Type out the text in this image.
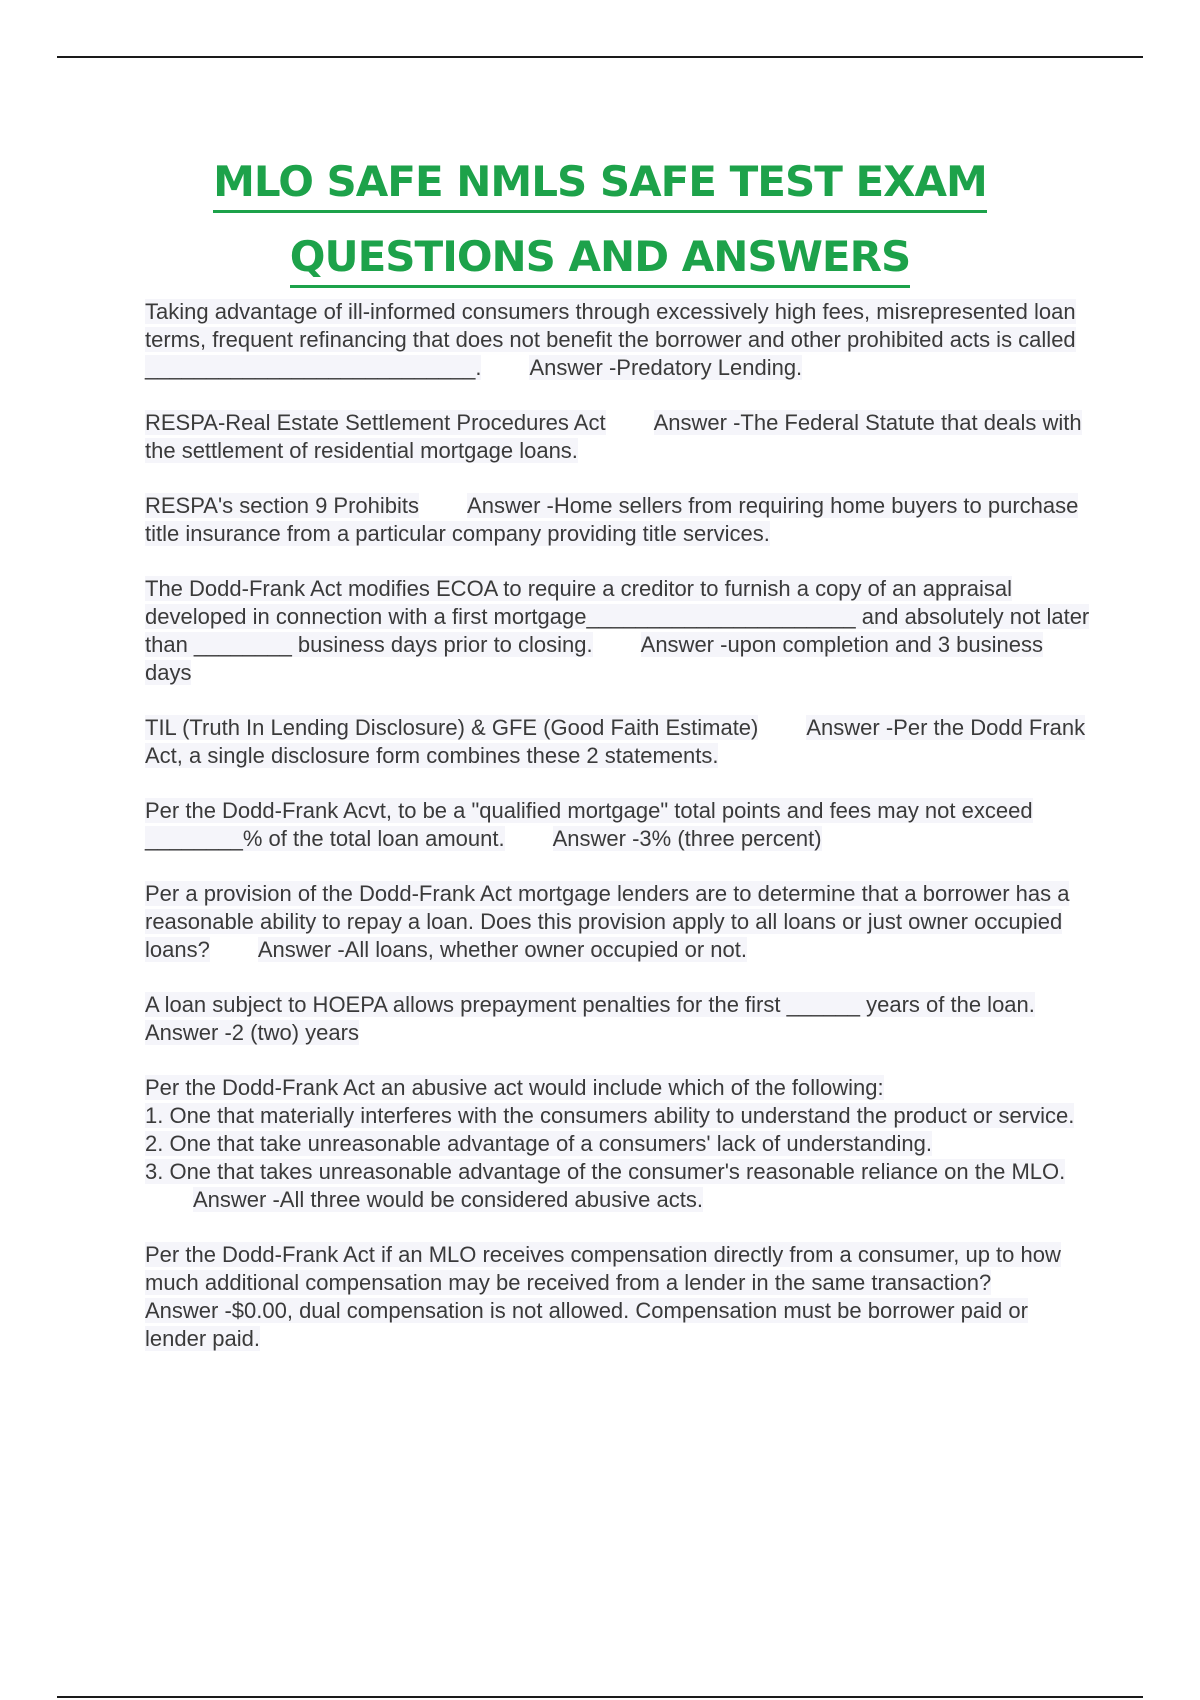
MLO SAFE NMLS SAFE TEST EXAM
QUESTIONS AND ANSWERS

Taking advantage of ill-informed consumers through excessively high fees, misrepresented loan terms, frequent refinancing that does not benefit the borrower and other prohibited acts is called ___________________________. Answer -Predatory Lending.

RESPA-Real Estate Settlement Procedures Act Answer -The Federal Statute that deals with the settlement of residential mortgage loans.

RESPA's section 9 Prohibits Answer -Home sellers from requiring home buyers to purchase title insurance from a particular company providing title services.

The Dodd-Frank Act modifies ECOA to require a creditor to furnish a copy of an appraisal developed in connection with a first mortgage______________________ and absolutely not later than ________ business days prior to closing. Answer -upon completion and 3 business days

TIL (Truth In Lending Disclosure) & GFE (Good Faith Estimate) Answer -Per the Dodd Frank Act, a single disclosure form combines these 2 statements.

Per the Dodd-Frank Acvt, to be a "qualified mortgage" total points and fees may not exceed ________% of the total loan amount. Answer -3% (three percent)

Per a provision of the Dodd-Frank Act mortgage lenders are to determine that a borrower has a reasonable ability to repay a loan. Does this provision apply to all loans or just owner occupied loans? Answer -All loans, whether owner occupied or not.

A loan subject to HOEPA allows prepayment penalties for the first ______ years of the loan.Answer -2 (two) years

Per the Dodd-Frank Act an abusive act would include which of the following:
1. One that materially interferes with the consumers ability to understand the product or service.
2. One that take unreasonable advantage of a consumers' lack of understanding.
3. One that takes unreasonable advantage of the consumer's reasonable reliance on the MLO.Answer -All three would be considered abusive acts.

Per the Dodd-Frank Act if an MLO receives compensation directly from a consumer, up to how much additional compensation may be received from a lender in the same transaction?Answer -$0.00, dual compensation is not allowed. Compensation must be borrower paid or lender paid.
